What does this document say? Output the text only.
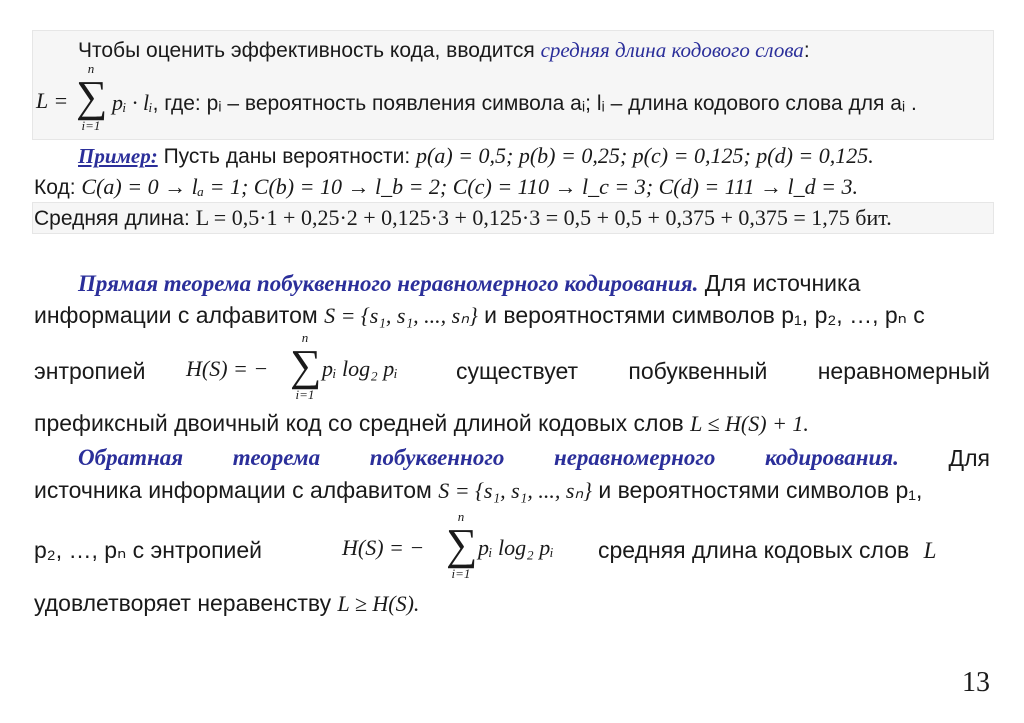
Чтобы оценить эффективность кода, вводится средняя длина кодового слова:
L =
n
∑
i=1
pᵢ · lᵢ, где: pᵢ – вероятность появления символа aᵢ; lᵢ – длина кодового слова для aᵢ .
Пример: Пусть даны вероятности: p(a) = 0,5; p(b) = 0,25; p(c) = 0,125; p(d) = 0,125.
Код: C(a) = 0 → lₐ = 1; C(b) = 10 → l_b = 2; C(c) = 110 → l_c = 3; C(d) = 111 → l_d = 3.
Средняя длина: L = 0,5·1 + 0,25·2 + 0,125·3 + 0,125·3 = 0,5 + 0,5 + 0,375 + 0,375 = 1,75 бит.
Прямая теорема побуквенного неравномерного кодирования. Для источника
информации с алфавитом S = {s₁, s₁, ..., sₙ} и вероятностями символов p₁, p₂, …, pₙ с
энтропией H(S) = −
n
∑
i=1
pᵢ log₂ pᵢ	существует побуквенный неравномерный
префиксный двоичный код со средней длиной кодовых слов L ≤ H(S) + 1.
Обратная теорема побуквенного неравномерного кодирования. Для
источника информации с алфавитом S = {s₁, s₁, ..., sₙ} и вероятностями символов p₁,
p₂, …, pₙ с энтропией	H(S) = −
n
∑
i=1
pᵢ log₂ pᵢ средняя длина кодовых слов L
удовлетворяет неравенству L ≥ H(S).
13
